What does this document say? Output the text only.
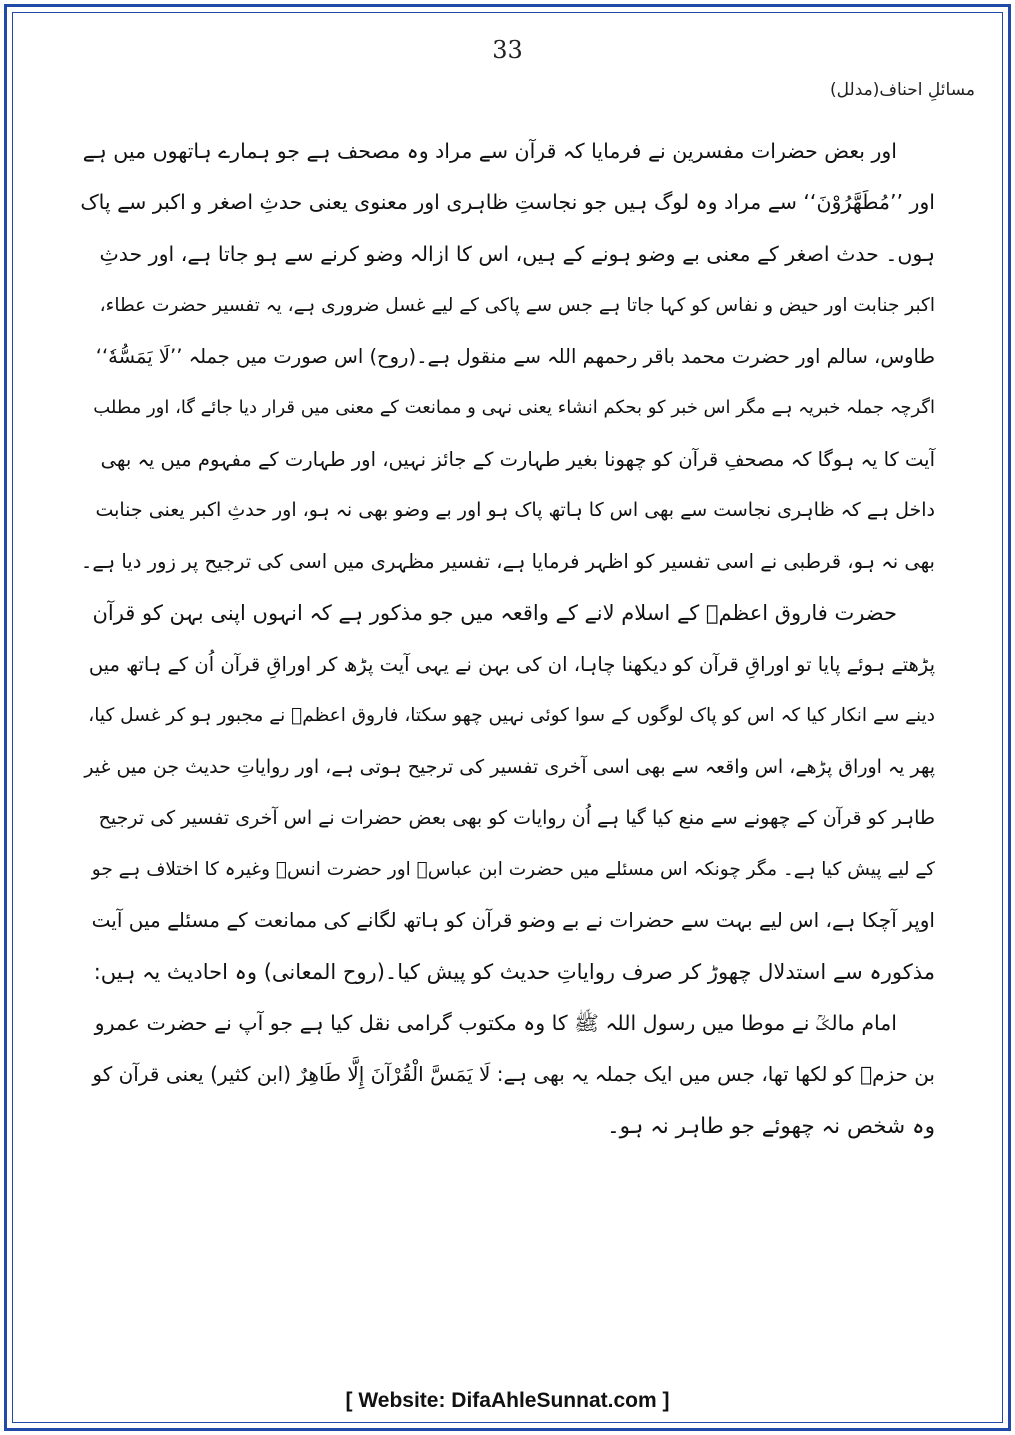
33
مسائلِ احناف(مدلل)
اور بعض حضرات مفسرین نے فرمایا کہ قرآن سے مراد وہ مصحف ہے جو ہمارے ہاتھوں میں ہے
اور ’’مُطَهَّرُوْنَ‘‘ سے مراد وہ لوگ ہیں جو نجاستِ ظاہری اور معنوی یعنی حدثِ اصغر و اکبر سے پاک
ہوں۔ حدث اصغر کے معنی بے وضو ہونے کے ہیں، اس کا ازالہ وضو کرنے سے ہو جاتا ہے، اور حدثِ
اکبر جنابت اور حیض و نفاس کو کہا جاتا ہے جس سے پاکی کے لیے غسل ضروری ہے، یہ تفسیر حضرت عطاء،
طاوس، سالم اور حضرت محمد باقر رحمھم اللہ سے منقول ہے۔(روح) اس صورت میں جملہ ’’لَا يَمَسُّهٗ‘‘
اگرچہ جملہ خبریہ ہے مگر اس خبر کو بحکم انشاء یعنی نہی و ممانعت کے معنی میں قرار دیا جائے گا، اور مطلب
آیت کا یہ ہوگا کہ مصحفِ قرآن کو چھونا بغیر طہارت کے جائز نہیں، اور طہارت کے مفہوم میں یہ بھی
داخل ہے کہ ظاہری نجاست سے بھی اس کا ہاتھ پاک ہو اور بے وضو بھی نہ ہو، اور حدثِ اکبر یعنی جنابت
بھی نہ ہو، قرطبی نے اسی تفسیر کو اظہر فرمایا ہے، تفسیر مظہری میں اسی کی ترجیح پر زور دیا ہے۔
حضرت فاروق اعظمؓ کے اسلام لانے کے واقعہ میں جو مذکور ہے کہ انہوں اپنی بہن کو قرآن
پڑھتے ہوئے پایا تو اوراقِ قرآن کو دیکھنا چاہا، ان کی بہن نے یہی آیت پڑھ کر اوراقِ قرآن اُن کے ہاتھ میں
دینے سے انکار کیا کہ اس کو پاک لوگوں کے سوا کوئی نہیں چھو سکتا، فاروق اعظمؓ نے مجبور ہو کر غسل کیا،
پھر یہ اوراق پڑھے، اس واقعہ سے بھی اسی آخری تفسیر کی ترجیح ہوتی ہے، اور روایاتِ حدیث جن میں غیر
طاہر کو قرآن کے چھونے سے منع کیا گیا ہے اُن روایات کو بھی بعض حضرات نے اس آخری تفسیر کی ترجیح
کے لیے پیش کیا ہے۔ مگر چونکہ اس مسئلے میں حضرت ابن عباسؓ اور حضرت انسؓ وغیرہ کا اختلاف ہے جو
اوپر آچکا ہے، اس لیے بہت سے حضرات نے بے وضو قرآن کو ہاتھ لگانے کی ممانعت کے مسئلے میں آیت
مذکورہ سے استدلال چھوڑ کر صرف روایاتِ حدیث کو پیش کیا۔(روح المعانی) وہ احادیث یہ ہیں:
امام مالکؒ نے موطا میں رسول اللہ ﷺ کا وہ مکتوب گرامی نقل کیا ہے جو آپ نے حضرت عمرو
بن حزمؓ کو لکھا تھا، جس میں ایک جملہ یہ بھی ہے: لَا يَمَسَّ الْقُرْآنَ إِلَّا طَاهِرٌ (ابن کثیر) یعنی قرآن کو
وہ شخص نہ چھوئے جو طاہر نہ ہو۔
[ Website: DifaAhleSunnat.com ]
